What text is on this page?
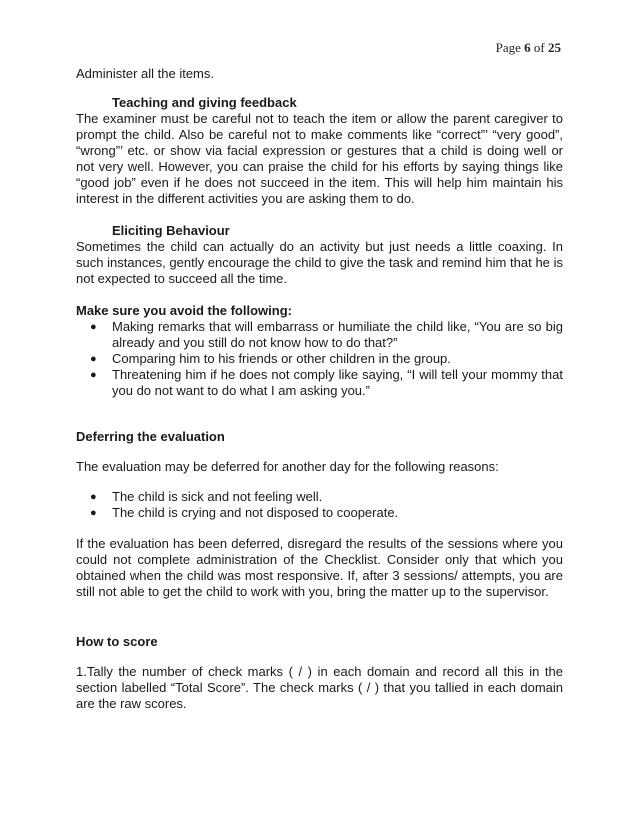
Page 6 of 25

Administer all the items.

Teaching and giving feedback

The examiner must be careful not to teach the item or allow the parent caregiver to prompt the child. Also be careful not to make comments like “correct”’ “very good”, “wrong”’ etc. or show via facial expression or gestures that a child is doing well or not very well. However, you can praise the child for his efforts by saying things like “good job” even if he does not succeed in the item. This will help him maintain his interest in the different activities you are asking them to do.

Eliciting Behaviour

Sometimes the child can actually do an activity but just needs a little coaxing. In such instances, gently encourage the child to give the task and remind him that he is not expected to succeed all the time.

Make sure you avoid the following:
● Making remarks that will embarrass or humiliate the child like, “You are so big already and you still do not know how to do that?”
● Comparing him to his friends or other children in the group.
● Threatening him if he does not comply like saying, “I will tell your mommy that you do not want to do what I am asking you.”
Deferring the evaluation

The evaluation may be deferred for another day for the following reasons:

● The child is sick and not feeling well.
● The child is crying and not disposed to cooperate.

If the evaluation has been deferred, disregard the results of the sessions where you could not complete administration of the Checklist. Consider only that which you obtained when the child was most responsive. If, after 3 sessions/ attempts, you are still not able to get the child to work with you, bring the matter up to the supervisor.

How to score

1.Tally the number of check marks ( / ) in each domain and record all this in the section labelled “Total Score”. The check marks ( / ) that you tallied in each domain are the raw scores.
